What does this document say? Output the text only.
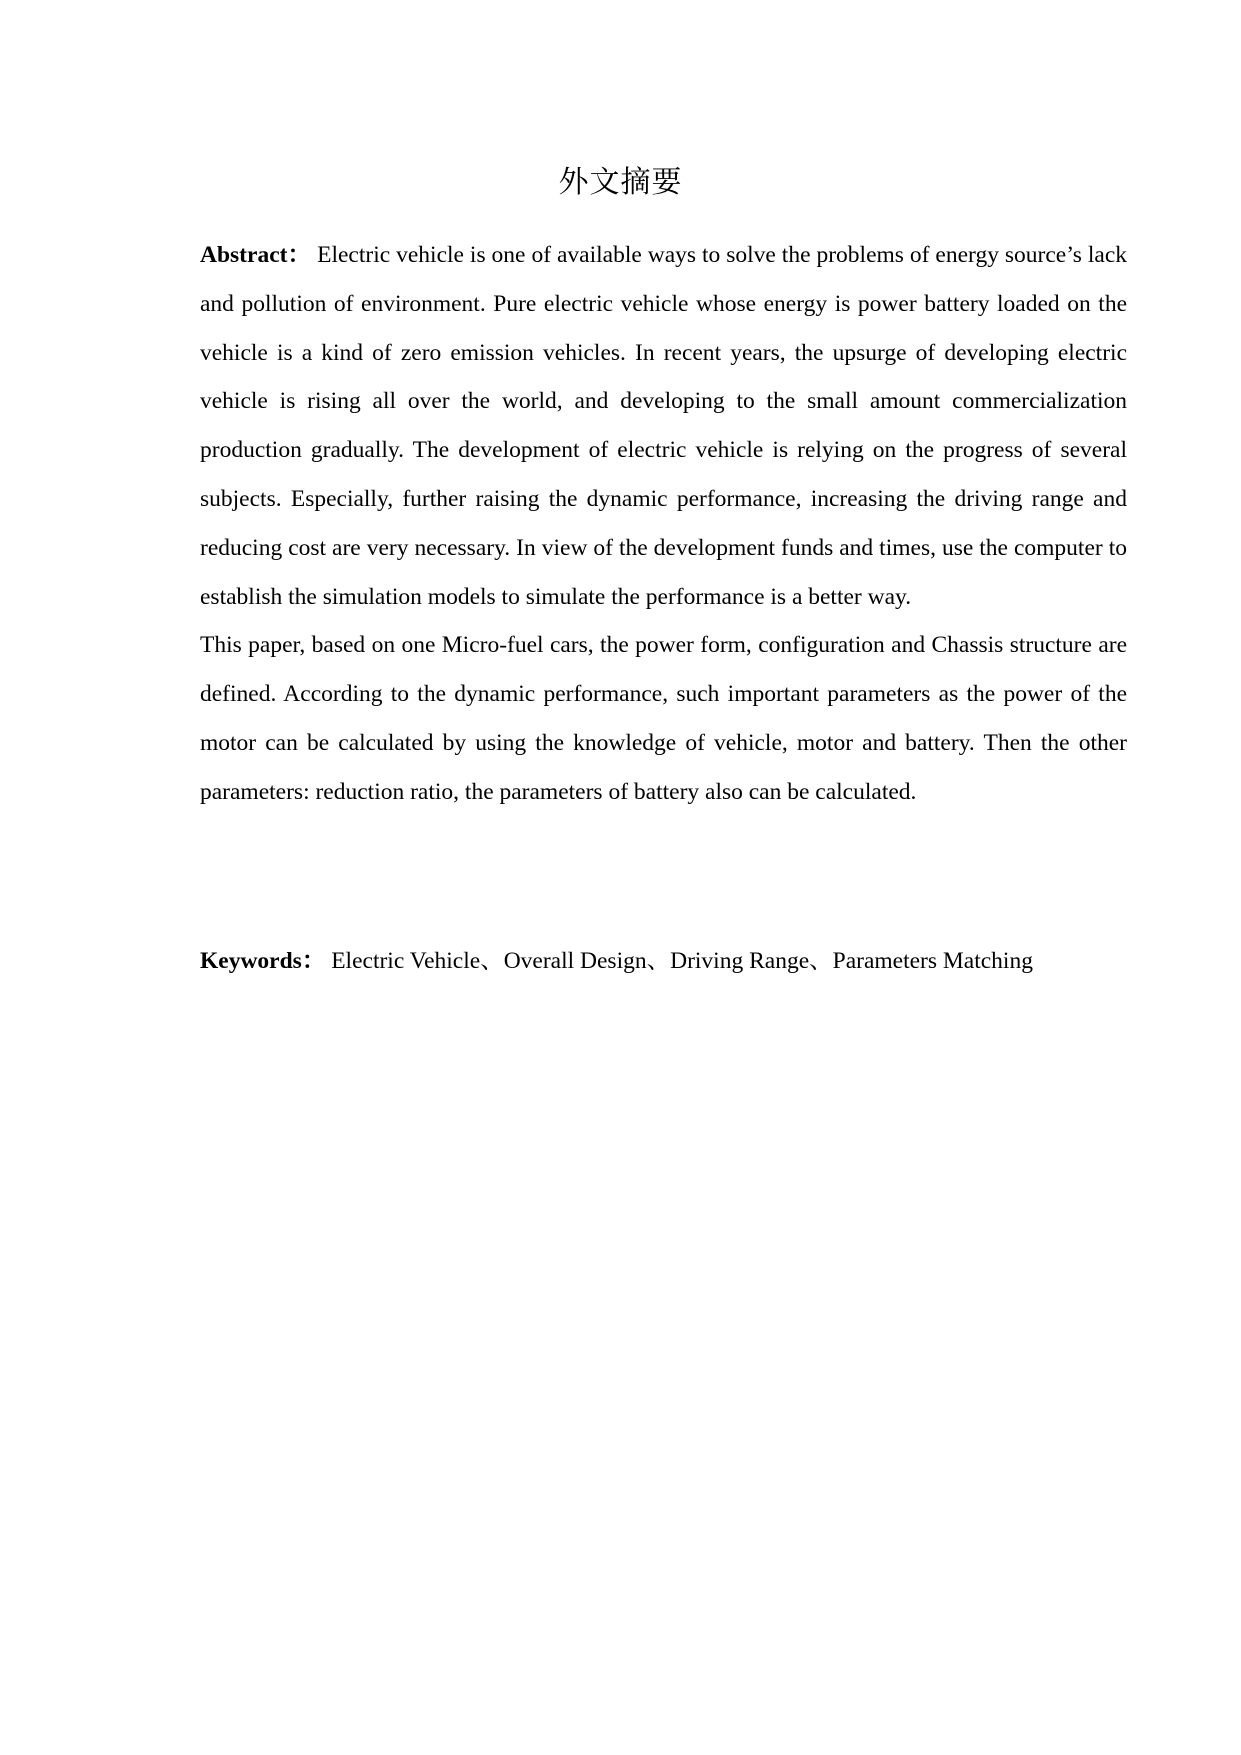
外文摘要

Abstract： Electric vehicle is one of available ways to solve the problems of energy source’s lack and pollution of environment. Pure electric vehicle whose energy is power battery loaded on the vehicle is a kind of zero emission vehicles. In recent years, the upsurge of developing electric vehicle is rising all over the world, and developing to the small amount commercialization production gradually. The development of electric vehicle is relying on the progress of several subjects. Especially, further raising the dynamic performance, increasing the driving range and reducing cost are very necessary. In view of the development funds and times, use the computer to establish the simulation models to simulate the performance is a better way.

This paper, based on one Micro-fuel cars, the power form, configuration and Chassis structure are defined. According to the dynamic performance, such important parameters as the power of the motor can be calculated by using the knowledge of vehicle, motor and battery. Then the other parameters: reduction ratio, the parameters of battery also can be calculated.

Keywords： Electric Vehicle、Overall Design、Driving Range、Parameters Matching
